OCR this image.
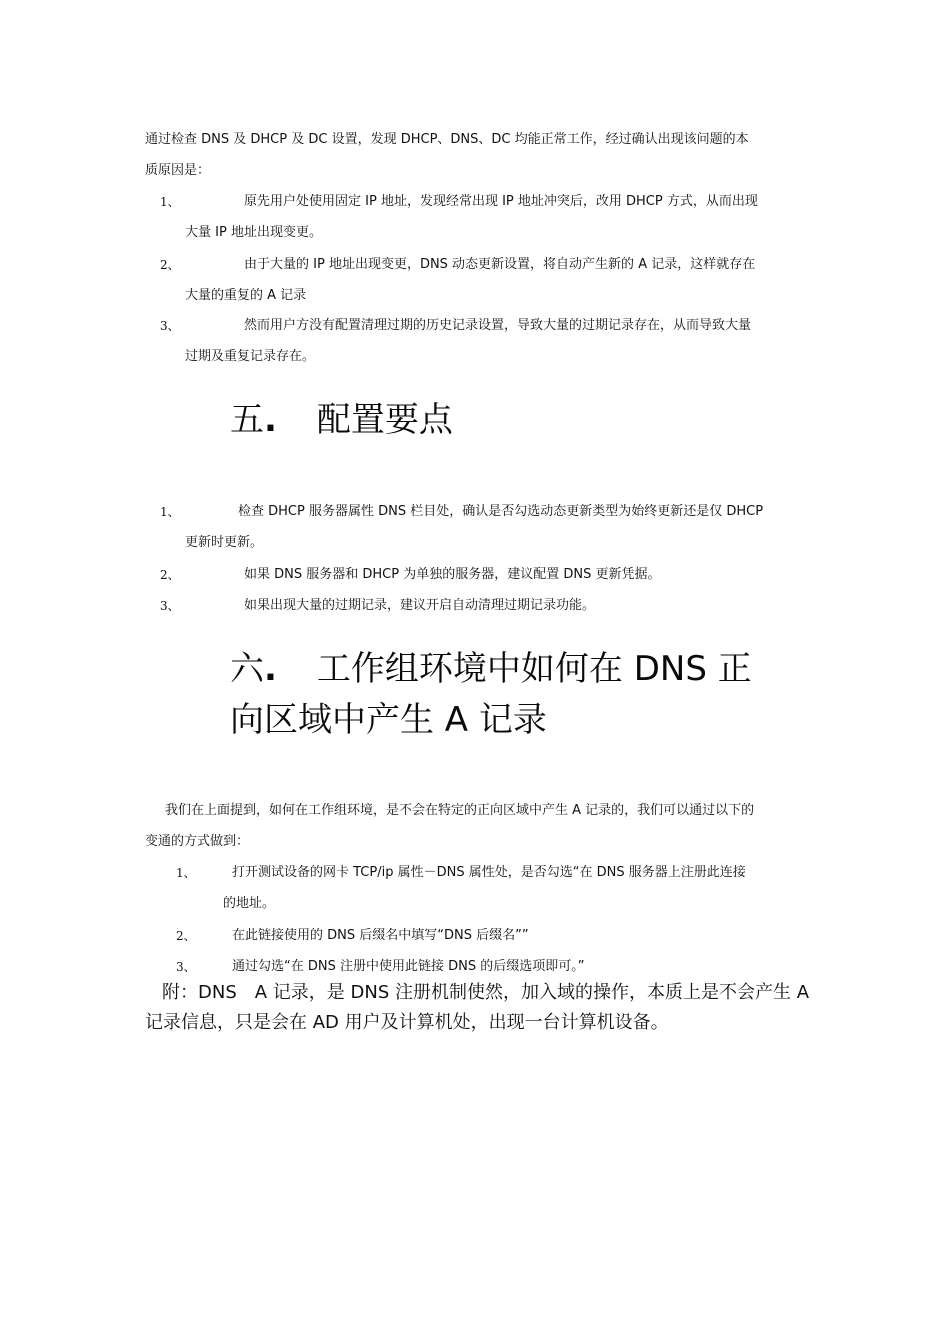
通过检查 DNS 及 DHCP 及 DC 设置，发现 DHCP、DNS、DC 均能正常工作，经过确认出现该问题的本
质原因是：
1、	原先用户处使用固定 IP 地址，发现经常出现 IP 地址冲突后，改用 DHCP 方式，从而出现
大量 IP 地址出现变更。
2、	由于大量的 IP 地址出现变更，DNS 动态更新设置，将自动产生新的 A 记录，这样就存在
大量的重复的 A 记录
3、	然而用户方没有配置清理过期的历史记录设置，导致大量的过期记录存在，从而导致大量
过期及重复记录存在。
五. 配置要点
1、	检查 DHCP 服务器属性 DNS 栏目处，确认是否勾选动态更新类型为始终更新还是仅 DHCP
更新时更新。
2、	如果 DNS 服务器和 DHCP 为单独的服务器，建议配置 DNS 更新凭据。
3、	如果出现大量的过期记录，建议开启自动清理过期记录功能。
六. 工作组环境中如何在 DNS 正
向区域中产生 A 记录
我们在上面提到，如何在工作组环境，是不会在特定的正向区域中产生 A 记录的，我们可以通过以下的
变通的方式做到：
1、	打开测试设备的网卡 TCP/ip 属性－DNS 属性处，是否勾选“在 DNS 服务器上注册此连接
的地址。
2、	在此链接使用的 DNS 后缀名中填写“DNS 后缀名””
3、	通过勾选“在 DNS 注册中使用此链接 DNS 的后缀选项即可。”
附：DNS　A 记录，是 DNS 注册机制使然，加入域的操作，本质上是不会产生 A
记录信息，只是会在 AD 用户及计算机处，出现一台计算机设备。
